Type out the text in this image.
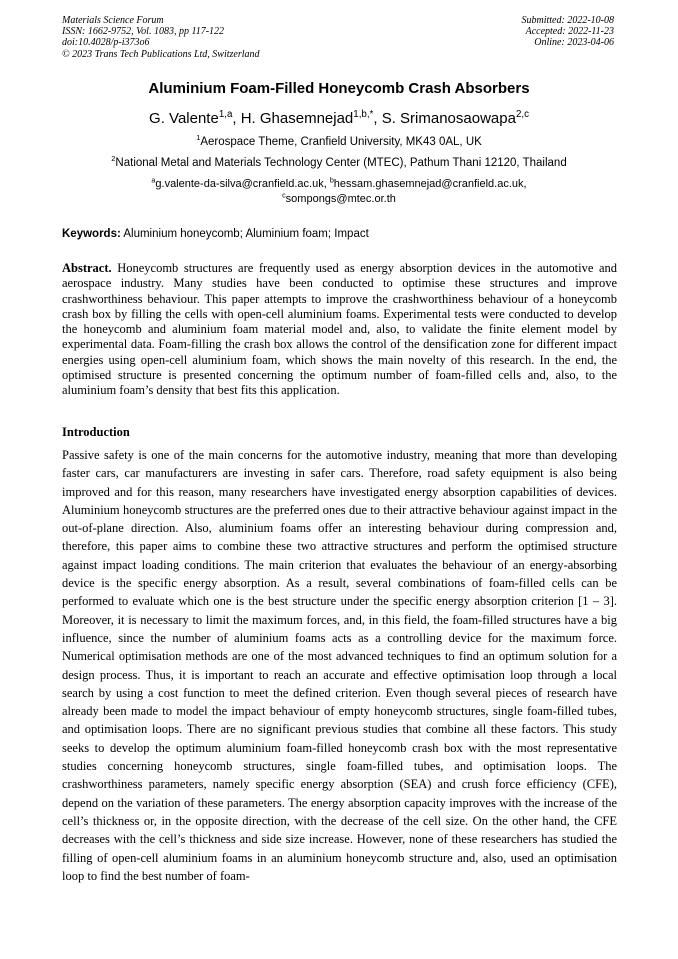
Materials Science Forum
ISSN: 1662-9752, Vol. 1083, pp 117-122
doi:10.4028/p-i373o6
© 2023 Trans Tech Publications Ltd, Switzerland
Submitted: 2022-10-08
Accepted: 2022-11-23
Online: 2023-04-06
Aluminium Foam-Filled Honeycomb Crash Absorbers
G. Valente$^{1,a}$, H. Ghasemnejad$^{1,b,*}$, S. Srimanosaowapa$^{2,c}$
$^1$Aerospace Theme, Cranfield University, MK43 0AL, UK
$^2$National Metal and Materials Technology Center (MTEC), Pathum Thani 12120, Thailand
$^a$g.valente-da-silva@cranfield.ac.uk, $^b$hessam.ghasemnejad@cranfield.ac.uk,
$^c$sompongs@mtec.or.th
Keywords: Aluminium honeycomb; Aluminium foam; Impact

Abstract. Honeycomb structures are frequently used as energy absorption devices in the automotive and aerospace industry. Many studies have been conducted to optimise these structures and improve crashworthiness behaviour. This paper attempts to improve the crashworthiness behaviour of a honeycomb crash box by filling the cells with open-cell aluminium foams. Experimental tests were conducted to develop the honeycomb and aluminium foam material model and, also, to validate the finite element model by experimental data. Foam-filling the crash box allows the control of the densification zone for different impact energies using open-cell aluminium foam, which shows the main novelty of this research. In the end, the optimised structure is presented concerning the optimum number of foam-filled cells and, also, to the aluminium foam’s density that best fits this application.

Introduction

Passive safety is one of the main concerns for the automotive industry, meaning that more than developing faster cars, car manufacturers are investing in safer cars. Therefore, road safety equipment is also being improved and for this reason, many researchers have investigated energy absorption capabilities of devices. Aluminium honeycomb structures are the preferred ones due to their attractive behaviour against impact in the out-of-plane direction. Also, aluminium foams offer an interesting behaviour during compression and, therefore, this paper aims to combine these two attractive structures and perform the optimised structure against impact loading conditions. The main criterion that evaluates the behaviour of an energy-absorbing device is the specific energy absorption. As a result, several combinations of foam-filled cells can be performed to evaluate which one is the best structure under the specific energy absorption criterion [1 – 3]. Moreover, it is necessary to limit the maximum forces, and, in this field, the foam-filled structures have a big influence, since the number of aluminium foams acts as a controlling device for the maximum force. Numerical optimisation methods are one of the most advanced techniques to find an optimum solution for a design process. Thus, it is important to reach an accurate and effective optimisation loop through a local search by using a cost function to meet the defined criterion. Even though several pieces of research have already been made to model the impact behaviour of empty honeycomb structures, single foam-filled tubes, and optimisation loops. There are no significant previous studies that combine all these factors. This study seeks to develop the optimum aluminium foam-filled honeycomb crash box with the most representative studies concerning honeycomb structures, single foam-filled tubes, and optimisation loops. The crashworthiness parameters, namely specific energy absorption (SEA) and crush force efficiency (CFE), depend on the variation of these parameters. The energy absorption capacity improves with the increase of the cell’s thickness or, in the opposite direction, with the decrease of the cell size. On the other hand, the CFE decreases with the cell’s thickness and side size increase. However, none of these researchers has studied the filling of open-cell aluminium foams in an aluminium honeycomb structure and, also, used an optimisation loop to find the best number of foam-
